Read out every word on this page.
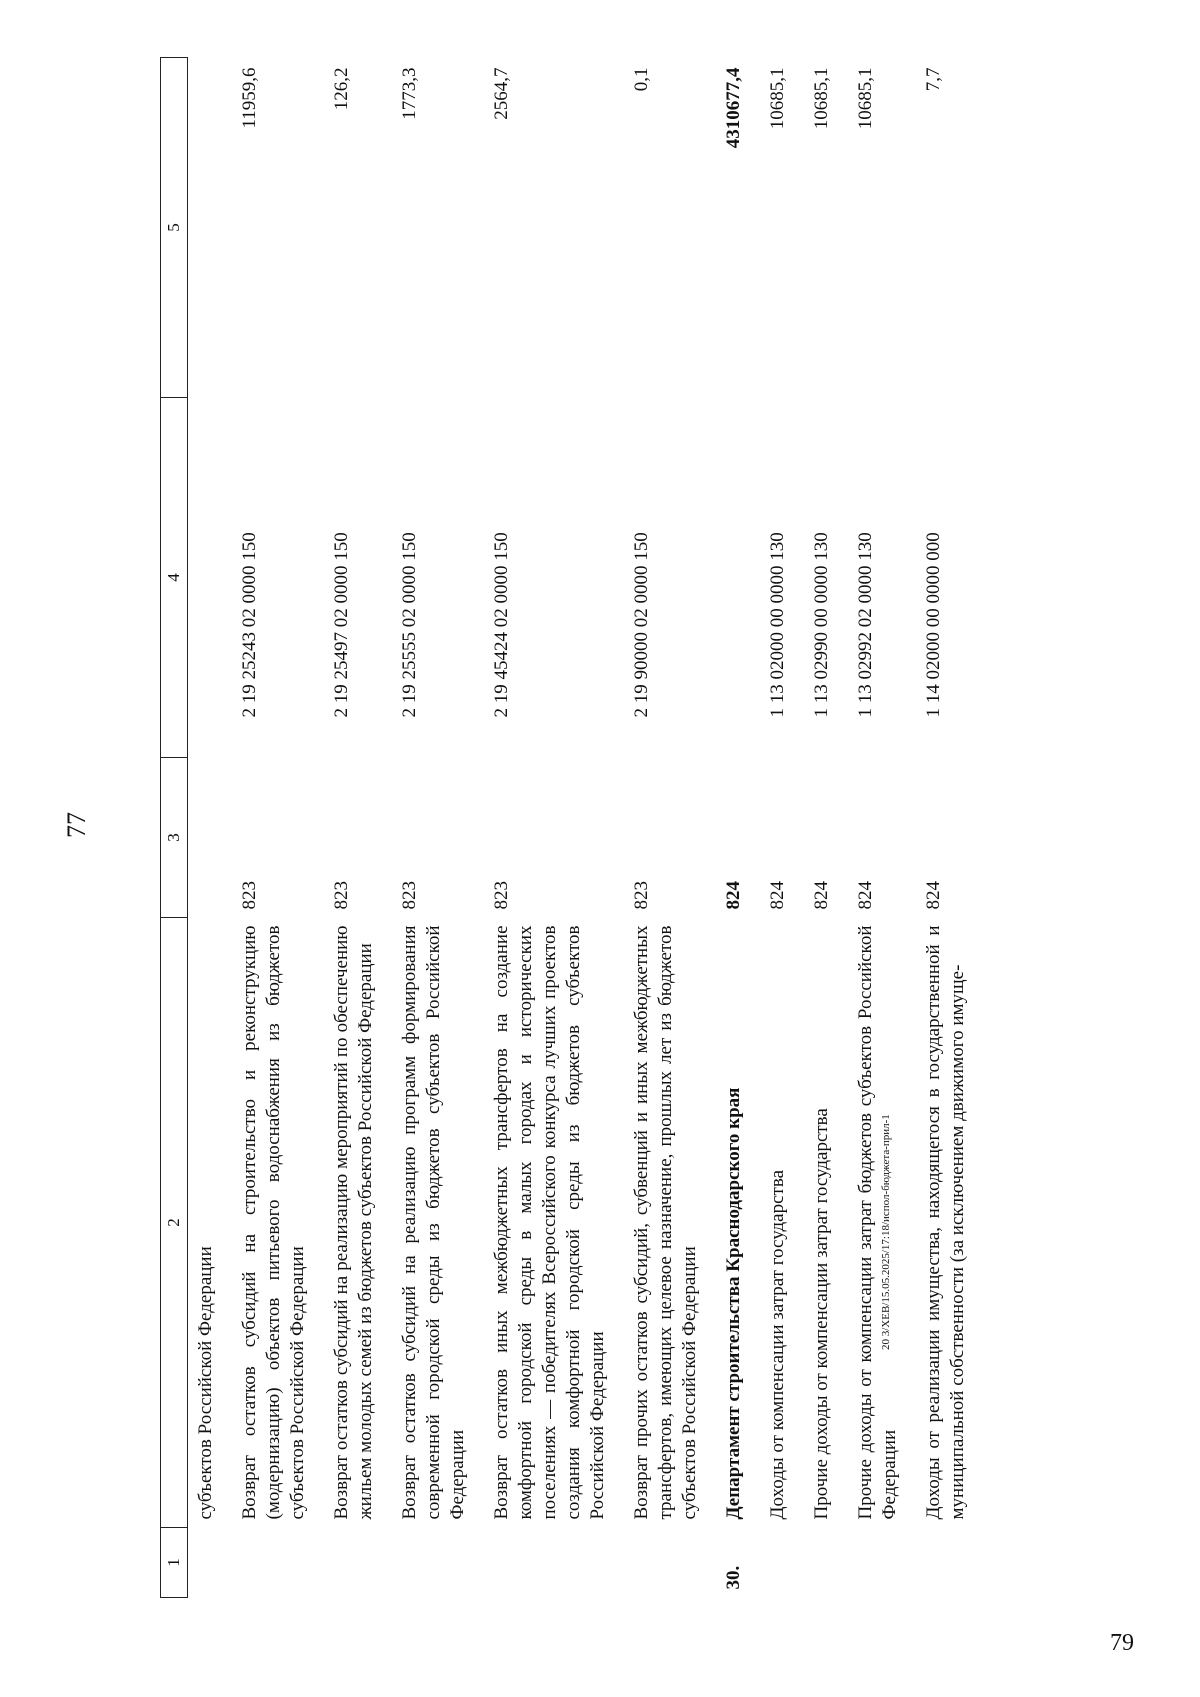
77
1	2	3	4	5
	субъектов Российской Федерации			
	Возврат остатков субсидий на строительство и реконструкцию (модернизацию) объектов питьевого водоснабжения из бюджетов субъектов Российской Федерации	823	2 19 25243 02 0000 150	11959,6
	Возврат остатков субсидий на реализацию мероприятий по обеспечению жильем молодых семей из бюджетов субъектов Российской Федерации	823	2 19 25497 02 0000 150	126,2
	Возврат остатков субсидий на реализацию программ формирования современной городской среды из бюджетов субъектов Российской Федерации	823	2 19 25555 02 0000 150	1773,3
	Возврат остатков иных межбюджетных трансфертов на создание комфортной городской среды в малых городах и исторических поселениях — победителях Всероссийского конкурса лучших проектов создания комфортной городской среды из бюджетов субъектов Российской Федерации	823	2 19 45424 02 0000 150	2564,7
	Возврат прочих остатков субсидий, субвенций и иных межбюджетных трансфертов, имеющих целевое назначение, прошлых лет из бюджетов субъектов Российской Федерации	823	2 19 90000 02 0000 150	0,1
30.	Департамент строительства Краснодарского края	824		4310677,4
	Доходы от компенсации затрат государства	824	1 13 02000 00 0000 130	10685,1
	Прочие доходы от компенсации затрат государства	824	1 13 02990 00 0000 130	10685,1
	Прочие доходы от компенсации затрат бюджетов субъектов Российской Федерации	824	1 13 02992 02 0000 130	10685,1
	Доходы от реализации имущества, находящегося в государственной и муниципальной собственности (за исключением движимого имуще-	824	1 14 02000 00 0000 000	7,7
20 3/XEB/15.05.2025/17:18/испол-бюджета-прил-1
79
